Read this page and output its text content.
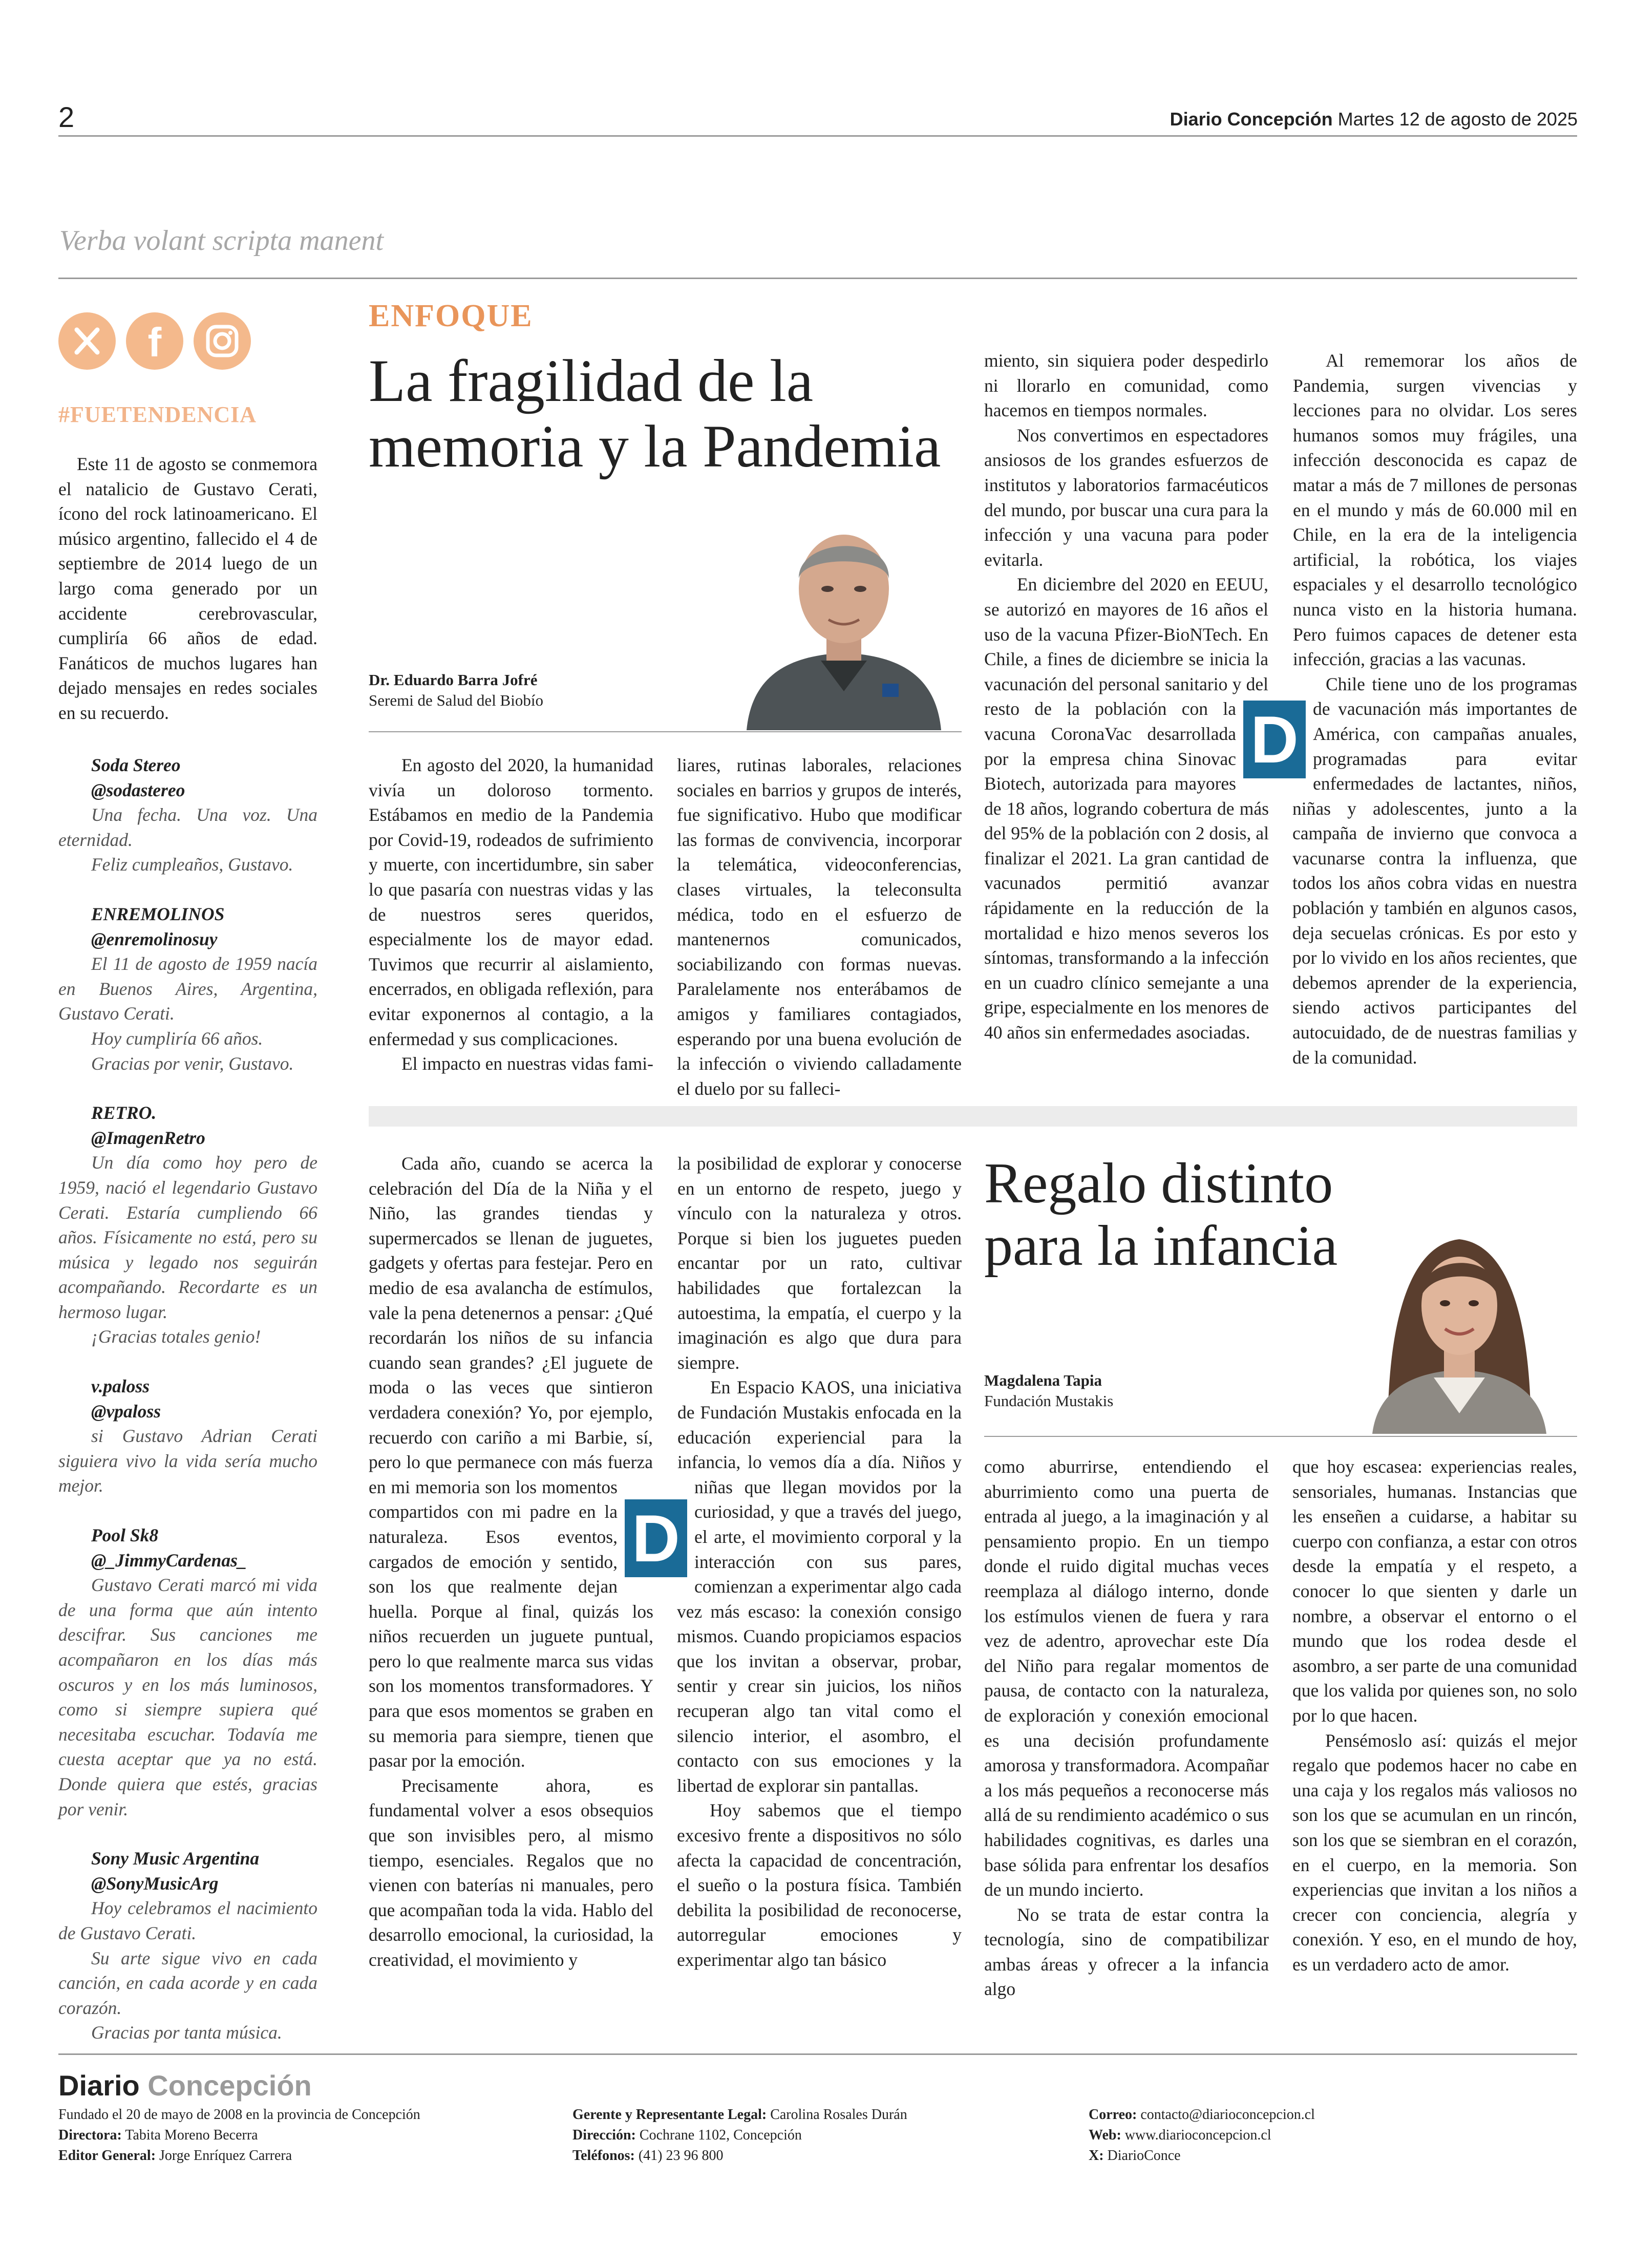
2	Diario Concepción Martes 12 de agosto de 2025
Verba volant scripta manent
f
#FUETENDENCIA

Este 11 de agosto se conmemora el natalicio de Gustavo Cerati, ícono del rock latinoamericano. El músico argentino, fallecido el 4 de septiembre de 2014 luego de un largo coma generado por un accidente cerebrovascular, cumpliría 66 años de edad. Fanáticos de muchos lugares han dejado mensajes en redes sociales en su recuerdo.

Soda Stereo

@sodastereo

Una fecha. Una voz. Una eternidad.

Feliz cumpleaños, Gustavo.

ENREMOLINOS

@enremolinosuy

El 11 de agosto de 1959 nacía en Buenos Aires, Argentina, Gustavo Cerati.

Hoy cumpliría 66 años.

Gracias por venir, Gustavo.

RETRO.

@ImagenRetro

Un día como hoy pero de 1959, nació el legendario Gustavo Cerati. Estaría cumpliendo 66 años. Físicamente no está, pero su música y legado nos seguirán acompañando. Recordarte es un hermoso lugar.

¡Gracias totales genio!

v.paloss

@vpaloss

si Gustavo Adrian Cerati siguiera vivo la vida sería mucho mejor.

Pool Sk8

@_JimmyCardenas_

Gustavo Cerati marcó mi vida de una forma que aún intento descifrar. Sus canciones me acompañaron en los días más oscuros y en los más luminosos, como si siempre supiera qué necesitaba escuchar. Todavía me cuesta aceptar que ya no está. Donde quiera que estés, gracias por venir.

Sony Music Argentina

@SonyMusicArg

Hoy celebramos el nacimiento de Gustavo Cerati.

Su arte sigue vivo en cada canción, en cada acorde y en cada corazón.

Gracias por tanta música.

ENFOQUE
La fragilidad de la
memoria y la Pandemia
Dr. Eduardo Barra Jofré
Seremi de Salud del Biobío

En agosto del 2020, la humanidad vivía un doloroso tormento. Estábamos en medio de la Pandemia por Covid-19, rodeados de sufrimiento y muerte, con incertidumbre, sin saber lo que pasaría con nuestras vidas y las de nuestros seres queridos, especialmente los de mayor edad. Tuvimos que recurrir al aislamiento, encerrados, en obligada reflexión, para evitar exponernos al contagio, a la enfermedad y sus complicaciones.

El impacto en nuestras vidas fami-

liares, rutinas laborales, relaciones sociales en barrios y grupos de interés, fue significativo. Hubo que modificar las formas de convivencia, incorporar la telemática, videoconferencias, clases virtuales, la teleconsulta médica, todo en el esfuerzo de mantenernos comunicados, sociabilizando con formas nuevas. Paralelamente nos enterábamos de amigos y familiares contagiados, esperando por una buena evolución de la infección o viviendo calladamente el duelo por su falleci-

miento, sin siquiera poder despedirlo ni llorarlo en comunidad, como hacemos en tiempos normales.

Nos convertimos en espectadores ansiosos de los grandes esfuerzos de institutos y laboratorios farmacéuticos del mundo, por buscar una cura para la infección y una vacuna para poder evitarla.

En diciembre del 2020 en EEUU, se autorizó en mayores de 16 años el uso de la vacuna Pfizer-BioNTech. En Chile, a fines de diciembre se inicia la vacunación del personal sanitario y del resto de la población con la vacuna CoronaVac desarrollada por la empresa china Sinovac Biotech, autorizada para mayores de 18 años, logrando cobertura de más del 95% de la población con 2 dosis, al finalizar el 2021. La gran cantidad de vacunados permitió avanzar rápidamente en la reducción de la mortalidad e hizo menos severos los síntomas, transformando a la infección en un cuadro clínico semejante a una gripe, especialmente en los menores de 40 años sin enfermedades asociadas.

D

Al rememorar los años de Pandemia, surgen vivencias y lecciones para no olvidar. Los seres humanos somos muy frágiles, una infección desconocida es capaz de matar a más de 7 millones de personas en el mundo y más de 60.000 mil en Chile, en la era de la inteligencia artificial, la robótica, los viajes espaciales y el desarrollo tecnológico nunca visto en la historia humana. Pero fuimos capaces de detener esta infección, gracias a las vacunas.

Chile tiene uno de los programas de vacunación más importantes de América, con campañas anuales, programadas para evitar enfermedades de lactantes, niños, niñas y adolescentes, junto a la campaña de invierno que convoca a vacunarse contra la influenza, que todos los años cobra vidas en nuestra población y también en algunos casos, deja secuelas crónicas. Es por esto y por lo vivido en los años recientes, que debemos aprender de la experiencia, siendo activos participantes del autocuidado, de de nuestras familias y de la comunidad.

Cada año, cuando se acerca la celebración del Día de la Niña y el Niño, las grandes tiendas y supermercados se llenan de juguetes, gadgets y ofertas para festejar. Pero en medio de esa avalancha de estímulos, vale la pena detenernos a pensar: ¿Qué recordarán los niños de su infancia cuando sean grandes? ¿El juguete de moda o las veces que sintieron verdadera conexión? Yo, por ejemplo, recuerdo con cariño a mi Barbie, sí, pero lo que permanece con más fuerza en mi memoria son los momentos compartidos con mi padre en la naturaleza. Esos eventos, cargados de emoción y sentido, son los que realmente dejan huella. Porque al final, quizás los niños recuerden un juguete puntual, pero lo que realmente marca sus vidas son los momentos transformadores. Y para que esos momentos se graben en su memoria para siempre, tienen que pasar por la emoción.

Precisamente ahora, es fundamental volver a esos obsequios que son invisibles pero, al mismo tiempo, esenciales. Regalos que no vienen con baterías ni manuales, pero que acompañan toda la vida. Hablo del desarrollo emocional, la curiosidad, la creatividad, el movimiento y

D

la posibilidad de explorar y conocerse en un entorno de respeto, juego y vínculo con la naturaleza y otros. Porque si bien los juguetes pueden encantar por un rato, cultivar habilidades que fortalezcan la autoestima, la empatía, el cuerpo y la imaginación es algo que dura para siempre.

En Espacio KAOS, una iniciativa de Fundación Mustakis enfocada en la educación experiencial para la infancia, lo vemos día a día. Niños y niñas que llegan movidos por la curiosidad, y que a través del juego, el arte, el movimiento corporal y la interacción con sus pares, comienzan a experimentar algo cada vez más escaso: la conexión consigo mismos. Cuando propiciamos espacios que los invitan a observar, probar, sentir y crear sin juicios, los niños recuperan algo tan vital como el silencio interior, el asombro, el contacto con sus emociones y la libertad de explorar sin pantallas.

Hoy sabemos que el tiempo excesivo frente a dispositivos no sólo afecta la capacidad de concentración, el sueño o la postura física. También debilita la posibilidad de reconocerse, autorregular emociones y experimentar algo tan básico

Regalo distinto
para la infancia
Magdalena Tapia
Fundación Mustakis

como aburrirse, entendiendo el aburrimiento como una puerta de entrada al juego, a la imaginación y al pensamiento propio. En un tiempo donde el ruido digital muchas veces reemplaza al diálogo interno, donde los estímulos vienen de fuera y rara vez de adentro, aprovechar este Día del Niño para regalar momentos de pausa, de contacto con la naturaleza, de exploración y conexión emocional es una decisión profundamente amorosa y transformadora. Acompañar a los más pequeños a reconocerse más allá de su rendimiento académico o sus habilidades cognitivas, es darles una base sólida para enfrentar los desafíos de un mundo incierto.

No se trata de estar contra la tecnología, sino de compatibilizar ambas áreas y ofrecer a la infancia algo

que hoy escasea: experiencias reales, sensoriales, humanas. Instancias que les enseñen a cuidarse, a habitar su cuerpo con confianza, a estar con otros desde la empatía y el respeto, a conocer lo que sienten y darle un nombre, a observar el entorno o el mundo que los rodea desde el asombro, a ser parte de una comunidad que los valida por quienes son, no solo por lo que hacen.

Pensémoslo así: quizás el mejor regalo que podemos hacer no cabe en una caja y los regalos más valiosos no son los que se acumulan en un rincón, son los que se siembran en el corazón, en el cuerpo, en la memoria. Son experiencias que invitan a los niños a crecer con conciencia, alegría y conexión. Y eso, en el mundo de hoy, es un verdadero acto de amor.

Diario Concepción
Fundado el 20 de mayo de 2008 en la provincia de Concepción
Directora: Tabita Moreno Becerra
Editor General: Jorge Enríquez Carrera
Gerente y Representante Legal: Carolina Rosales Durán
Dirección: Cochrane 1102, Concepción
Teléfonos: (41) 23 96 800
Correo: contacto@diarioconcepcion.cl
Web: www.diarioconcepcion.cl
X: DiarioConce
